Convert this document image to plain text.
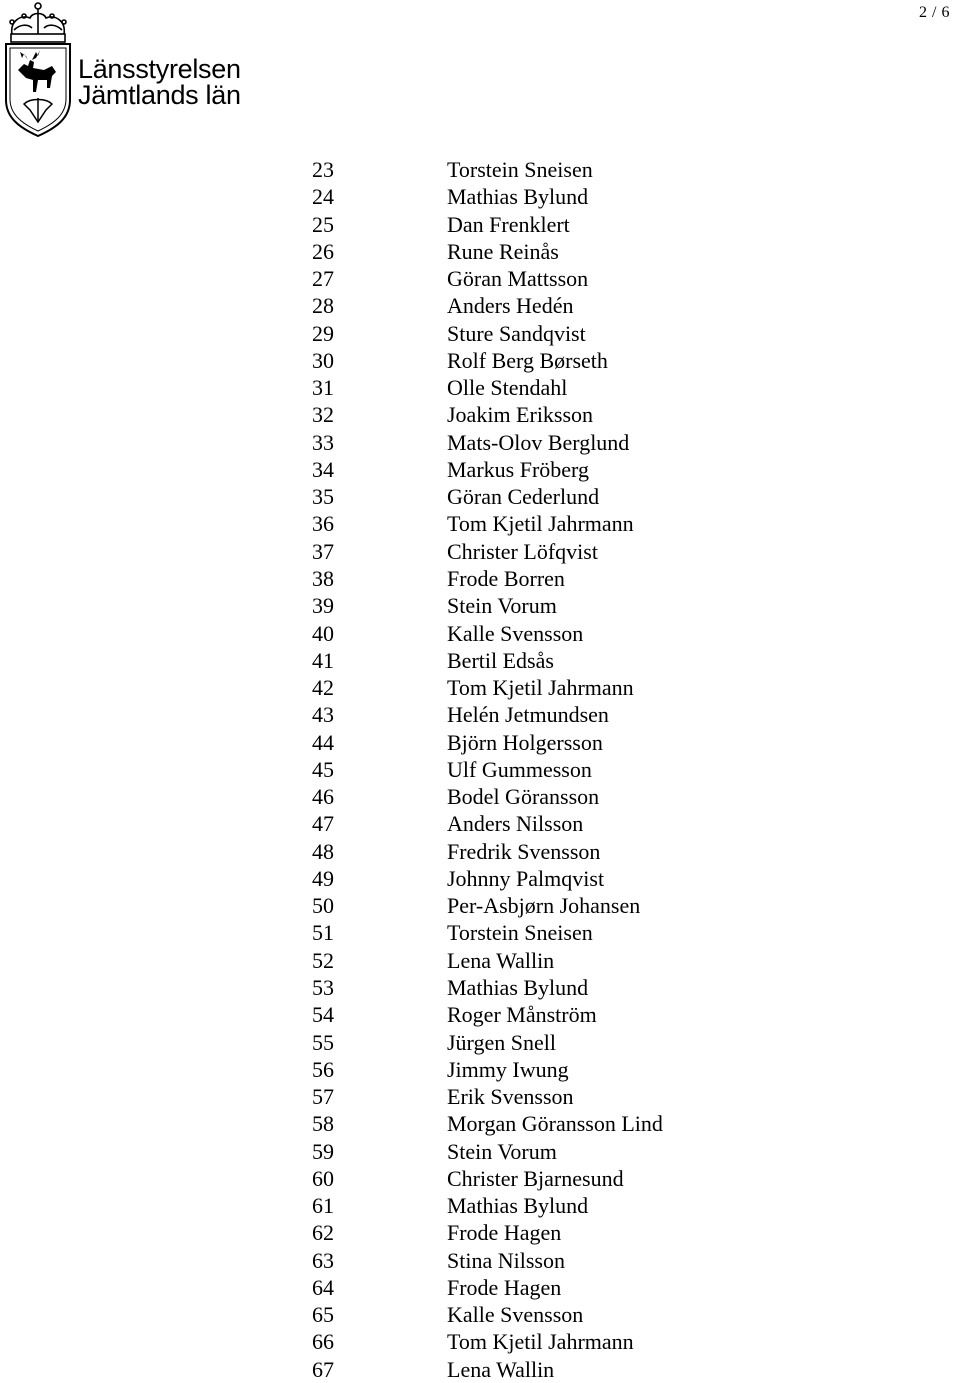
2 / 6
Länsstyrelsen
Jämtlands län
23	Torstein Sneisen
24	Mathias Bylund
25	Dan Frenklert
26	Rune Reinås
27	Göran Mattsson
28	Anders Hedén
29	Sture Sandqvist
30	Rolf Berg Børseth
31	Olle Stendahl
32	Joakim Eriksson
33	Mats-Olov Berglund
34	Markus Fröberg
35	Göran Cederlund
36	Tom Kjetil Jahrmann
37	Christer Löfqvist
38	Frode Borren
39	Stein Vorum
40	Kalle Svensson
41	Bertil Edsås
42	Tom Kjetil Jahrmann
43	Helén Jetmundsen
44	Björn Holgersson
45	Ulf Gummesson
46	Bodel Göransson
47	Anders Nilsson
48	Fredrik Svensson
49	Johnny Palmqvist
50	Per-Asbjørn Johansen
51	Torstein Sneisen
52	Lena Wallin
53	Mathias Bylund
54	Roger Månström
55	Jürgen Snell
56	Jimmy Iwung
57	Erik Svensson
58	Morgan Göransson Lind
59	Stein Vorum
60	Christer Bjarnesund
61	Mathias Bylund
62	Frode Hagen
63	Stina Nilsson
64	Frode Hagen
65	Kalle Svensson
66	Tom Kjetil Jahrmann
67	Lena Wallin
